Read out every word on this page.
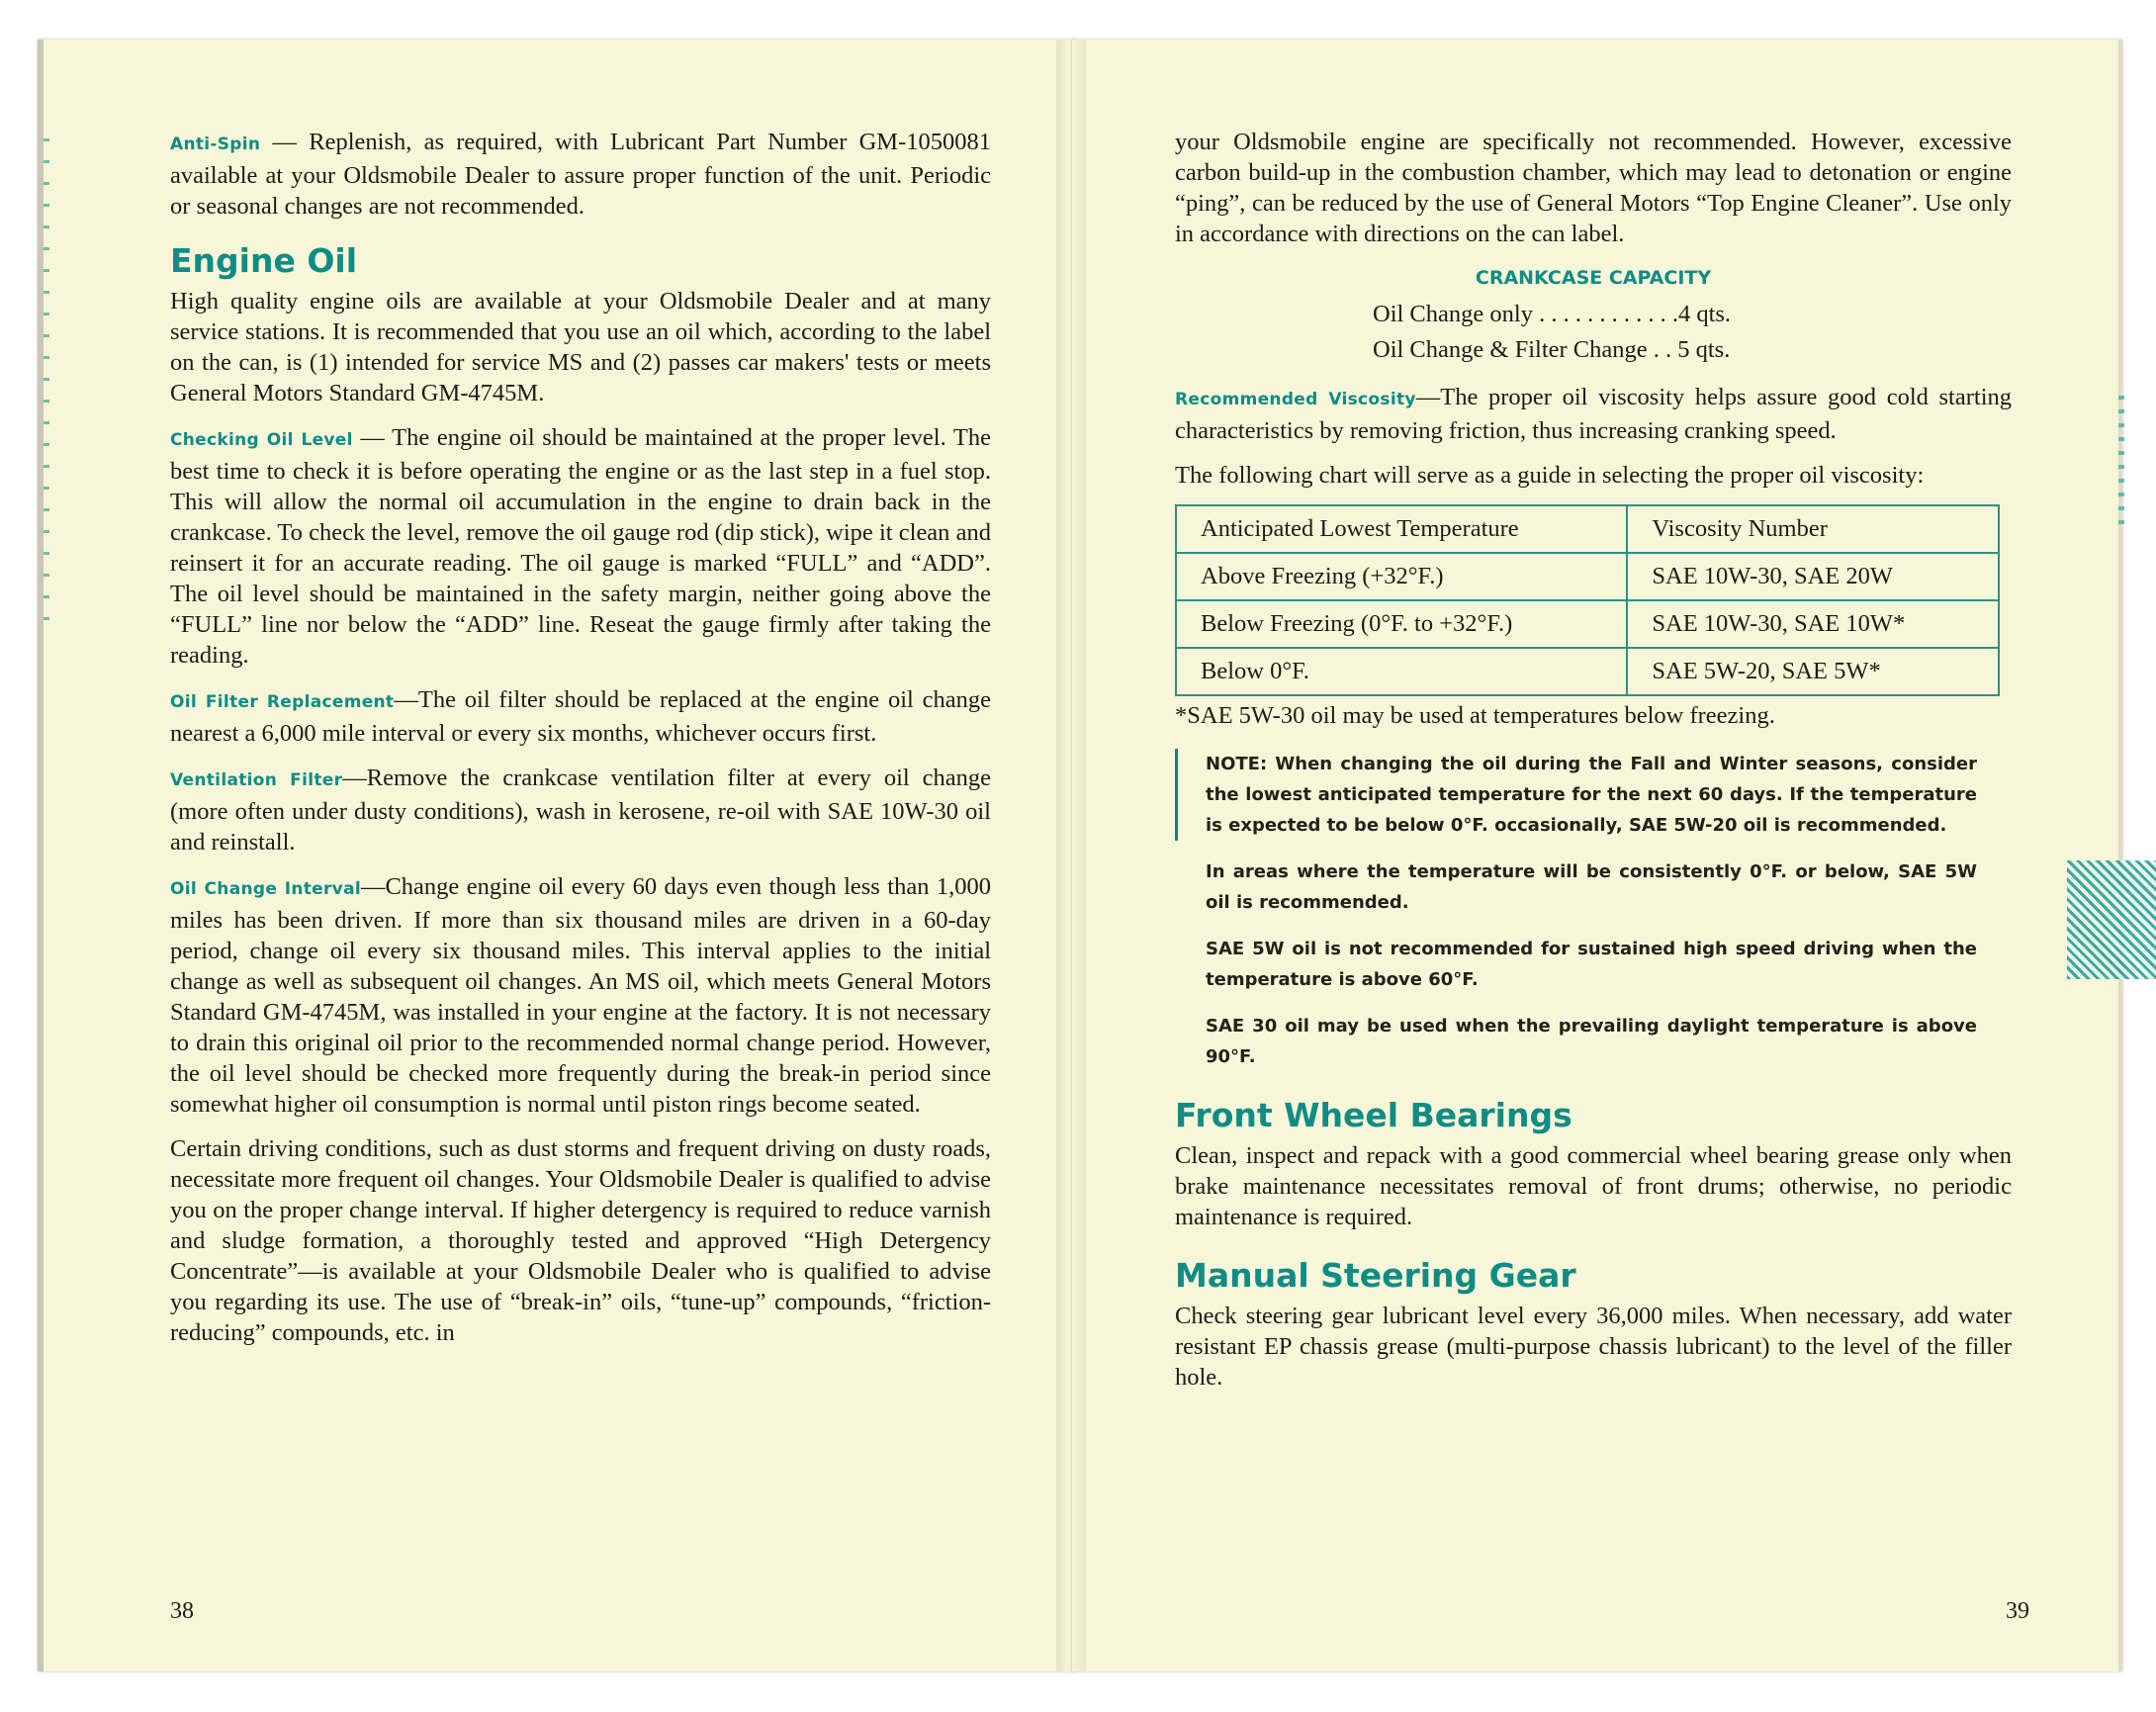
Anti-Spin — Replenish, as required, with Lubricant Part Number GM-1050081 available at your Oldsmobile Dealer to assure proper function of the unit. Periodic or seasonal changes are not recommended.

Engine Oil

High quality engine oils are available at your Oldsmobile Dealer and at many service stations. It is recommended that you use an oil which, according to the label on the can, is (1) intended for service MS and (2) passes car makers' tests or meets General Motors Standard GM-4745M.

Checking Oil Level — The engine oil should be maintained at the proper level. The best time to check it is before operating the engine or as the last step in a fuel stop. This will allow the normal oil accumulation in the engine to drain back in the crankcase. To check the level, remove the oil gauge rod (dip stick), wipe it clean and reinsert it for an accurate reading. The oil gauge is marked “FULL” and “ADD”. The oil level should be maintained in the safety margin, neither going above the “FULL” line nor below the “ADD” line. Reseat the gauge firmly after taking the reading.

Oil Filter Replacement—The oil filter should be replaced at the engine oil change nearest a 6,000 mile interval or every six months, whichever occurs first.

Ventilation Filter—Remove the crankcase ventilation filter at every oil change (more often under dusty conditions), wash in kerosene, re-oil with SAE 10W-30 oil and reinstall.

Oil Change Interval—Change engine oil every 60 days even though less than 1,000 miles has been driven. If more than six thousand miles are driven in a 60-day period, change oil every six thousand miles. This interval applies to the initial change as well as subsequent oil changes. An MS oil, which meets General Motors Standard GM-4745M, was installed in your engine at the factory. It is not necessary to drain this original oil prior to the recommended normal change period. However, the oil level should be checked more frequently during the break-in period since somewhat higher oil consumption is normal until piston rings become seated.

Certain driving conditions, such as dust storms and frequent driving on dusty roads, necessitate more frequent oil changes. Your Oldsmobile Dealer is qualified to advise you on the proper change interval. If higher detergency is required to reduce varnish and sludge formation, a thoroughly tested and approved “High Detergency Concentrate”—is available at your Oldsmobile Dealer who is qualified to advise you regarding its use. The use of “break-in” oils, “tune-up” compounds, “friction-reducing” compounds, etc. in

38

your Oldsmobile engine are specifically not recommended. However, excessive carbon build-up in the combustion chamber, which may lead to detonation or engine “ping”, can be reduced by the use of General Motors “Top Engine Cleaner”. Use only in accordance with directions on the can label.

CRANKCASE CAPACITY
Oil Change only . . . . . . . . . . . .4 qts.
Oil Change & Filter Change . . 5 qts.

Recommended Viscosity—The proper oil viscosity helps assure good cold starting characteristics by removing friction, thus increasing cranking speed.

The following chart will serve as a guide in selecting the proper oil viscosity:

Anticipated Lowest Temperature	Viscosity Number
Above Freezing (+32°F.)	SAE 10W-30, SAE 20W
Below Freezing (0°F. to +32°F.)	SAE 10W-30, SAE 10W*
Below 0°F.	SAE 5W-20, SAE 5W*

*SAE 5W-30 oil may be used at temperatures below freezing.

NOTE: When changing the oil during the Fall and Winter seasons, consider the lowest anticipated temperature for the next 60 days. If the temperature is expected to be below 0°F. occasionally, SAE 5W-20 oil is recommended.

In areas where the temperature will be consistently 0°F. or below, SAE 5W oil is recommended.

SAE 5W oil is not recommended for sustained high speed driving when the temperature is above 60°F.

SAE 30 oil may be used when the prevailing daylight temperature is above 90°F.

Front Wheel Bearings

Clean, inspect and repack with a good commercial wheel bearing grease only when brake maintenance necessitates removal of front drums; otherwise, no periodic maintenance is required.

Manual Steering Gear

Check steering gear lubricant level every 36,000 miles. When necessary, add water resistant EP chassis grease (multi-purpose chassis lubricant) to the level of the filler hole.

39
